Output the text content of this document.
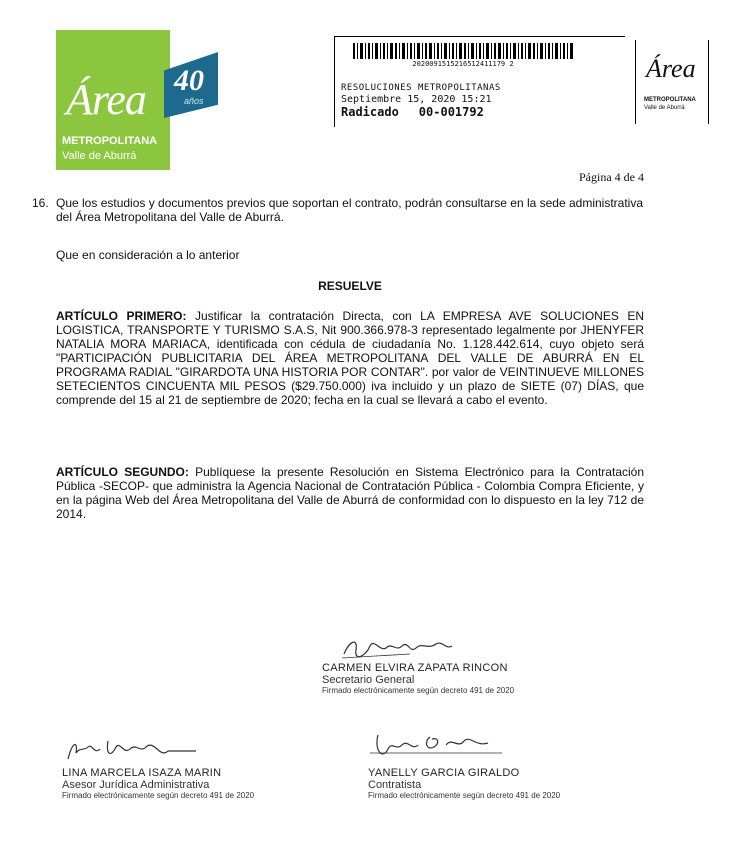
40
años
Área
METROPOLITANA
Valle de Aburrá
2020091515216512411179 2
RESOLUCIONES METROPOLITANAS
Septiembre 15, 2020 15:21
Radicado 00-001792
Área
METROPOLITANA
Valle de Aburrá
Página 4 de 4
16. Que los estudios y documentos previos que soportan el contrato, podrán consultarse en la sede administrativa del Área Metropolitana del Valle de Aburrá.
Que en consideración a lo anterior
RESUELVE
ARTÍCULO PRIMERO: Justificar la contratación Directa, con LA EMPRESA AVE SOLUCIONES EN LOGISTICA, TRANSPORTE Y TURISMO S.A.S, Nit 900.366.978-3 representado legalmente por JHENYFER NATALIA MORA MARIACA, identificada con cédula de ciudadanía No. 1.128.442.614, cuyo objeto será "PARTICIPACIÓN PUBLICITARIA DEL ÁREA METROPOLITANA DEL VALLE DE ABURRÁ EN EL PROGRAMA RADIAL "GIRARDOTA UNA HISTORIA POR CONTAR". por valor de VEINTINUEVE MILLONES SETECIENTOS CINCUENTA MIL PESOS ($29.750.000) iva incluido y un plazo de SIETE (07) DÍAS, que comprende del 15 al 21 de septiembre de 2020; fecha en la cual se llevará a cabo el evento.
ARTÍCULO SEGUNDO: Publíquese la presente Resolución en Sistema Electrónico para la Contratación Pública -SECOP- que administra la Agencia Nacional de Contratación Pública - Colombia Compra Eficiente, y en la página Web del Área Metropolitana del Valle de Aburrá de conformidad con lo dispuesto en la ley 712 de 2014.
CARMEN ELVIRA ZAPATA RINCON
Secretario General
Firmado electrónicamente según decreto 491 de 2020
LINA MARCELA ISAZA MARIN
Asesor Jurídica Administrativa
Firmado electrónicamente según decreto 491 de 2020
YANELLY GARCIA GIRALDO
Contratista
Firmado electrónicamente según decreto 491 de 2020
